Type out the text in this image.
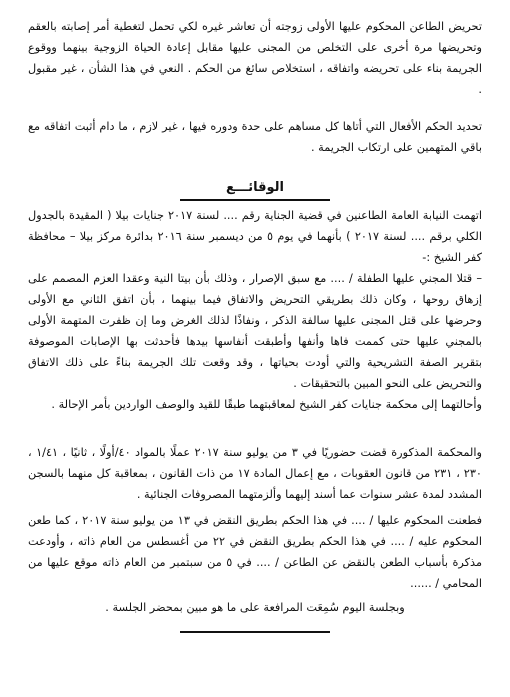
تحريض الطاعن المحكوم عليها الأولى زوجته أن تعاشر غيره لكي تحمل لتغطية أمر إصابته بالعقم وتحريضها مرة أخرى على التخلص من المجنى عليها مقابل إعادة الحياة الزوجية بينهما ووقوع الجريمة بناء على تحريضه واتفاقه ، استخلاص سائغ من الحكم . النعي في هذا الشأن ، غير مقبول .

تحديد الحكم الأفعال التي أتاها كل مساهم على حدة ودوره فيها ، غير لازم ، ما دام أثبت اتفاقه مع باقي المتهمين على ارتكاب الجريمة .

الوقائـــع

اتهمت النيابة العامة الطاعنين في قضية الجناية رقم .... لسنة ٢٠١٧ جنايات بيلا ( المقيدة بالجدول الكلي برقم .... لسنة ٢٠١٧ ) بأنهما في يوم ٥ من ديسمبر سنة ٢٠١٦ بدائرة مركز بيلا – محافظة كفر الشيخ :-

– قتلا المجني عليها الطفلة / .... مع سبق الإصرار ، وذلك بأن بيتا النية وعقدا العزم المصمم على إزهاق روحها ، وكان ذلك بطريقي التحريض والاتفاق فيما بينهما ، بأن اتفق الثاني مع الأولى وحرضها على قتل المجنى عليها سالفة الذكر ، ونفاذًا لذلك الغرض وما إن ظفرت المتهمة الأولى بالمجني عليها حتى كممت فاها وأنفها وأطبقت أنفاسها بيدها فأحدثت بها الإصابات الموصوفة بتقرير الصفة التشريحية والتي أودت بحياتها ، وقد وقعت تلك الجريمة بناءً على ذلك الاتفاق والتحريض على النحو المبين بالتحقيقات .

وأحالتهما إلى محكمة جنايات كفر الشيخ لمعاقبتهما طبقًا للقيد والوصف الواردين بأمر الإحالة .

والمحكمة المذكورة قضت حضوريًا في ٣ من يوليو سنة ٢٠١٧ عملًا بالمواد ٤٠/أولًا ، ثانيًا ، ١/٤١ ، ٢٣٠ ، ٢٣١ من قانون العقوبات ، مع إعمال المادة ١٧ من ذات القانون ، بمعاقبة كل منهما بالسجن المشدد لمدة عشر سنوات عما أسند إليهما وألزمتهما المصروفات الجنائية .

فطعنت المحكوم عليها / .... في هذا الحكم بطريق النقض في ١٣ من يوليو سنة ٢٠١٧ ، كما طعن المحكوم عليه / .... في هذا الحكم بطريق النقض في ٢٢ من أغسطس من العام ذاته ، وأودعت مذكرة بأسباب الطعن بالنقض عن الطاعن / .... في ٥ من سبتمبر من العام ذاته موقع عليها من المحامي / ......

وبجلسة اليوم سُمِعَت المرافعة على ما هو مبين بمحضر الجلسة .
